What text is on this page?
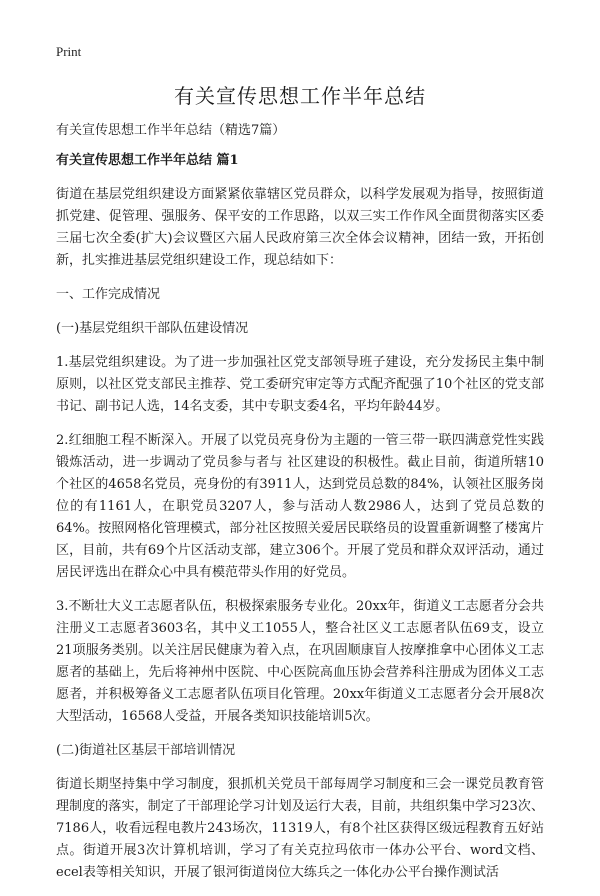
Print
有关宣传思想工作半年总结

有关宣传思想工作半年总结（精选7篇）

有关宣传思想工作半年总结 篇1

街道在基层党组织建设方面紧紧依靠辖区党员群众，以科学发展观为指导，按照街道抓党建、促管理、强服务、保平安的工作思路，以双三实工作作风全面贯彻落实区委三届七次全委(扩大)会议暨区六届人民政府第三次全体会议精神，团结一致，开拓创新，扎实推进基层党组织建设工作，现总结如下：

一、工作完成情况

(一)基层党组织干部队伍建设情况

1.基层党组织建设。为了进一步加强社区党支部领导班子建设，充分发扬民主集中制原则，以社区党支部民主推荐、党工委研究审定等方式配齐配强了10个社区的党支部书记、副书记人选，14名支委，其中专职支委4名，平均年龄44岁。

2.红细胞工程不断深入。开展了以党员亮身份为主题的一管三带一联四满意党性实践锻炼活动，进一步调动了党员参与者与 社区建设的积极性。截止目前，街道所辖10个社区的4658名党员，亮身份的有3911人，达到党员总数的84%，认领社区服务岗位的有1161人，在职党员3207人，参与活动人数2986人，达到了党员总数的64%。按照网格化管理模式，部分社区按照关爱居民联络员的设置重新调整了楼寓片区，目前，共有69个片区活动支部，建立306个。开展了党员和群众双评活动，通过居民评选出在群众心中具有模范带头作用的好党员。

3.不断壮大义工志愿者队伍，积极探索服务专业化。20xx年，街道义工志愿者分会共注册义工志愿者3603名，其中义工1055人，整合社区义工志愿者队伍69支，设立21项服务类别。以关注居民健康为着入点，在巩固顺康盲人按摩推拿中心团体义工志愿者的基础上，先后将神州中医院、中心医院高血压协会营养科注册成为团体义工志愿者，并积极筹备义工志愿者队伍项目化管理。20xx年街道义工志愿者分会开展8次大型活动，16568人受益，开展各类知识技能培训5次。

(二)街道社区基层干部培训情况

街道长期坚持集中学习制度，狠抓机关党员干部每周学习制度和三会一课党员教育管理制度的落实，制定了干部理论学习计划及运行大表，目前，共组织集中学习23次、7186人，收看远程电教片243场次，11319人，有8个社区获得区级远程教育五好站点。街道开展3次计算机培训，学习了有关克拉玛依市一体办公平台、word文档、ecel表等相关知识，开展了银河街道岗位大练兵之一体化办公平台操作测试活
